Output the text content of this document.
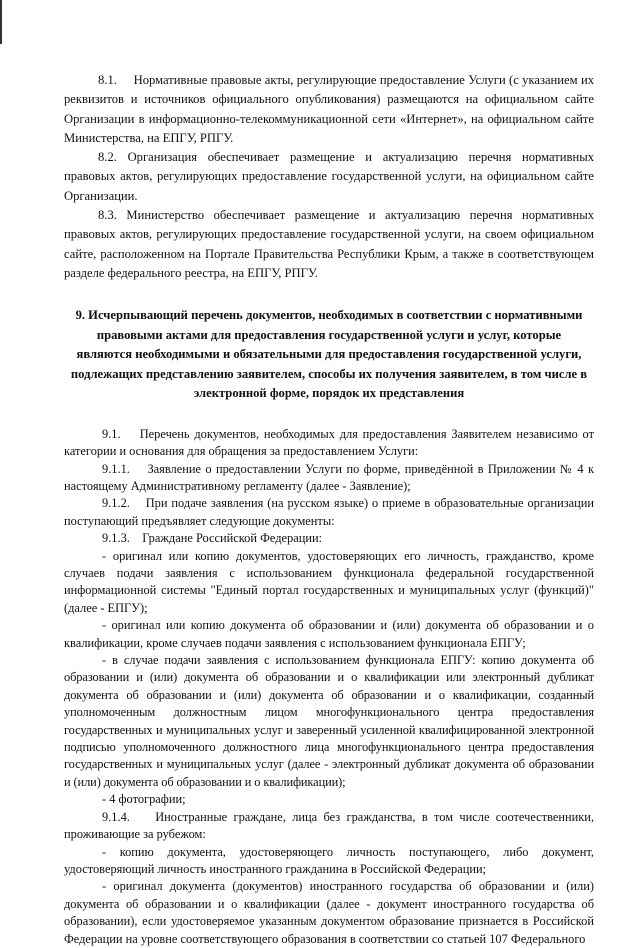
8.1.     Нормативные правовые акты, регулирующие предоставление Услуги (с указанием их реквизитов и источников официального опубликования) размещаются на официальном сайте Организации в информационно-телекоммуникационной сети «Интернет», на официальном сайте Министерства, на ЕПГУ, РПГУ.

8.2. Организация обеспечивает размещение и актуализацию перечня нормативных правовых актов, регулирующих предоставление государственной услуги, на официальном сайте Организации.

8.3. Министерство обеспечивает размещение и актуализацию перечня нормативных правовых актов, регулирующих предоставление государственной услуги, на своем официальном сайте, расположенном на Портале Правительства Республики Крым, а также в соответствующем разделе федерального реестра, на ЕПГУ, РПГУ.

9. Исчерпывающий перечень документов, необходимых в соответствии с нормативными правовыми актами для предоставления государственной услуги и услуг, которые являются необходимыми и обязательными для предоставления государственной услуги, подлежащих представлению заявителем, способы их получения заявителем, в том числе в электронной форме, порядок их представления

9.1.    Перечень документов, необходимых для предоставления Заявителем независимо от категории и основания для обращения за предоставлением Услуги:

9.1.1.    Заявление о предоставлении Услуги по форме, приведённой в Приложении № 4 к настоящему Административному регламенту (далее - Заявление);

9.1.2.    При подаче заявления (на русском языке) о приеме в образовательные организации поступающий предъявляет следующие документы:

9.1.3.    Граждане Российской Федерации:

- оригинал или копию документов, удостоверяющих его личность, гражданство, кроме случаев подачи заявления с использованием функционала федеральной государственной информационной системы "Единый портал государственных и муниципальных услуг (функций)" (далее - ЕПГУ);

- оригинал или копию документа об образовании и (или) документа об образовании и о квалификации, кроме случаев подачи заявления с использованием функционала ЕПГУ;

- в случае подачи заявления с использованием функционала ЕПГУ: копию документа об образовании и (или) документа об образовании и о квалификации или электронный дубликат документа об образовании и (или) документа об образовании и о квалификации, созданный уполномоченным должностным лицом многофункционального центра предоставления государственных и муниципальных услуг и заверенный усиленной квалифицированной электронной подписью уполномоченного должностного лица многофункционального центра предоставления государственных и муниципальных услуг (далее - электронный дубликат документа об образовании и (или) документа об образовании и о квалификации);

- 4 фотографии;

9.1.4.    Иностранные граждане, лица без гражданства, в том числе соотечественники, проживающие за рубежом:

- копию документа, удостоверяющего личность поступающего, либо документ, удостоверяющий личность иностранного гражданина в Российской Федерации;

- оригинал документа (документов) иностранного государства об образовании и (или) документа об образовании и о квалификации (далее - документ иностранного государства об образовании), если удостоверяемое указанным документом образование признается в Российской Федерации на уровне соответствующего образования в соответствии со статьей 107 Федерального
